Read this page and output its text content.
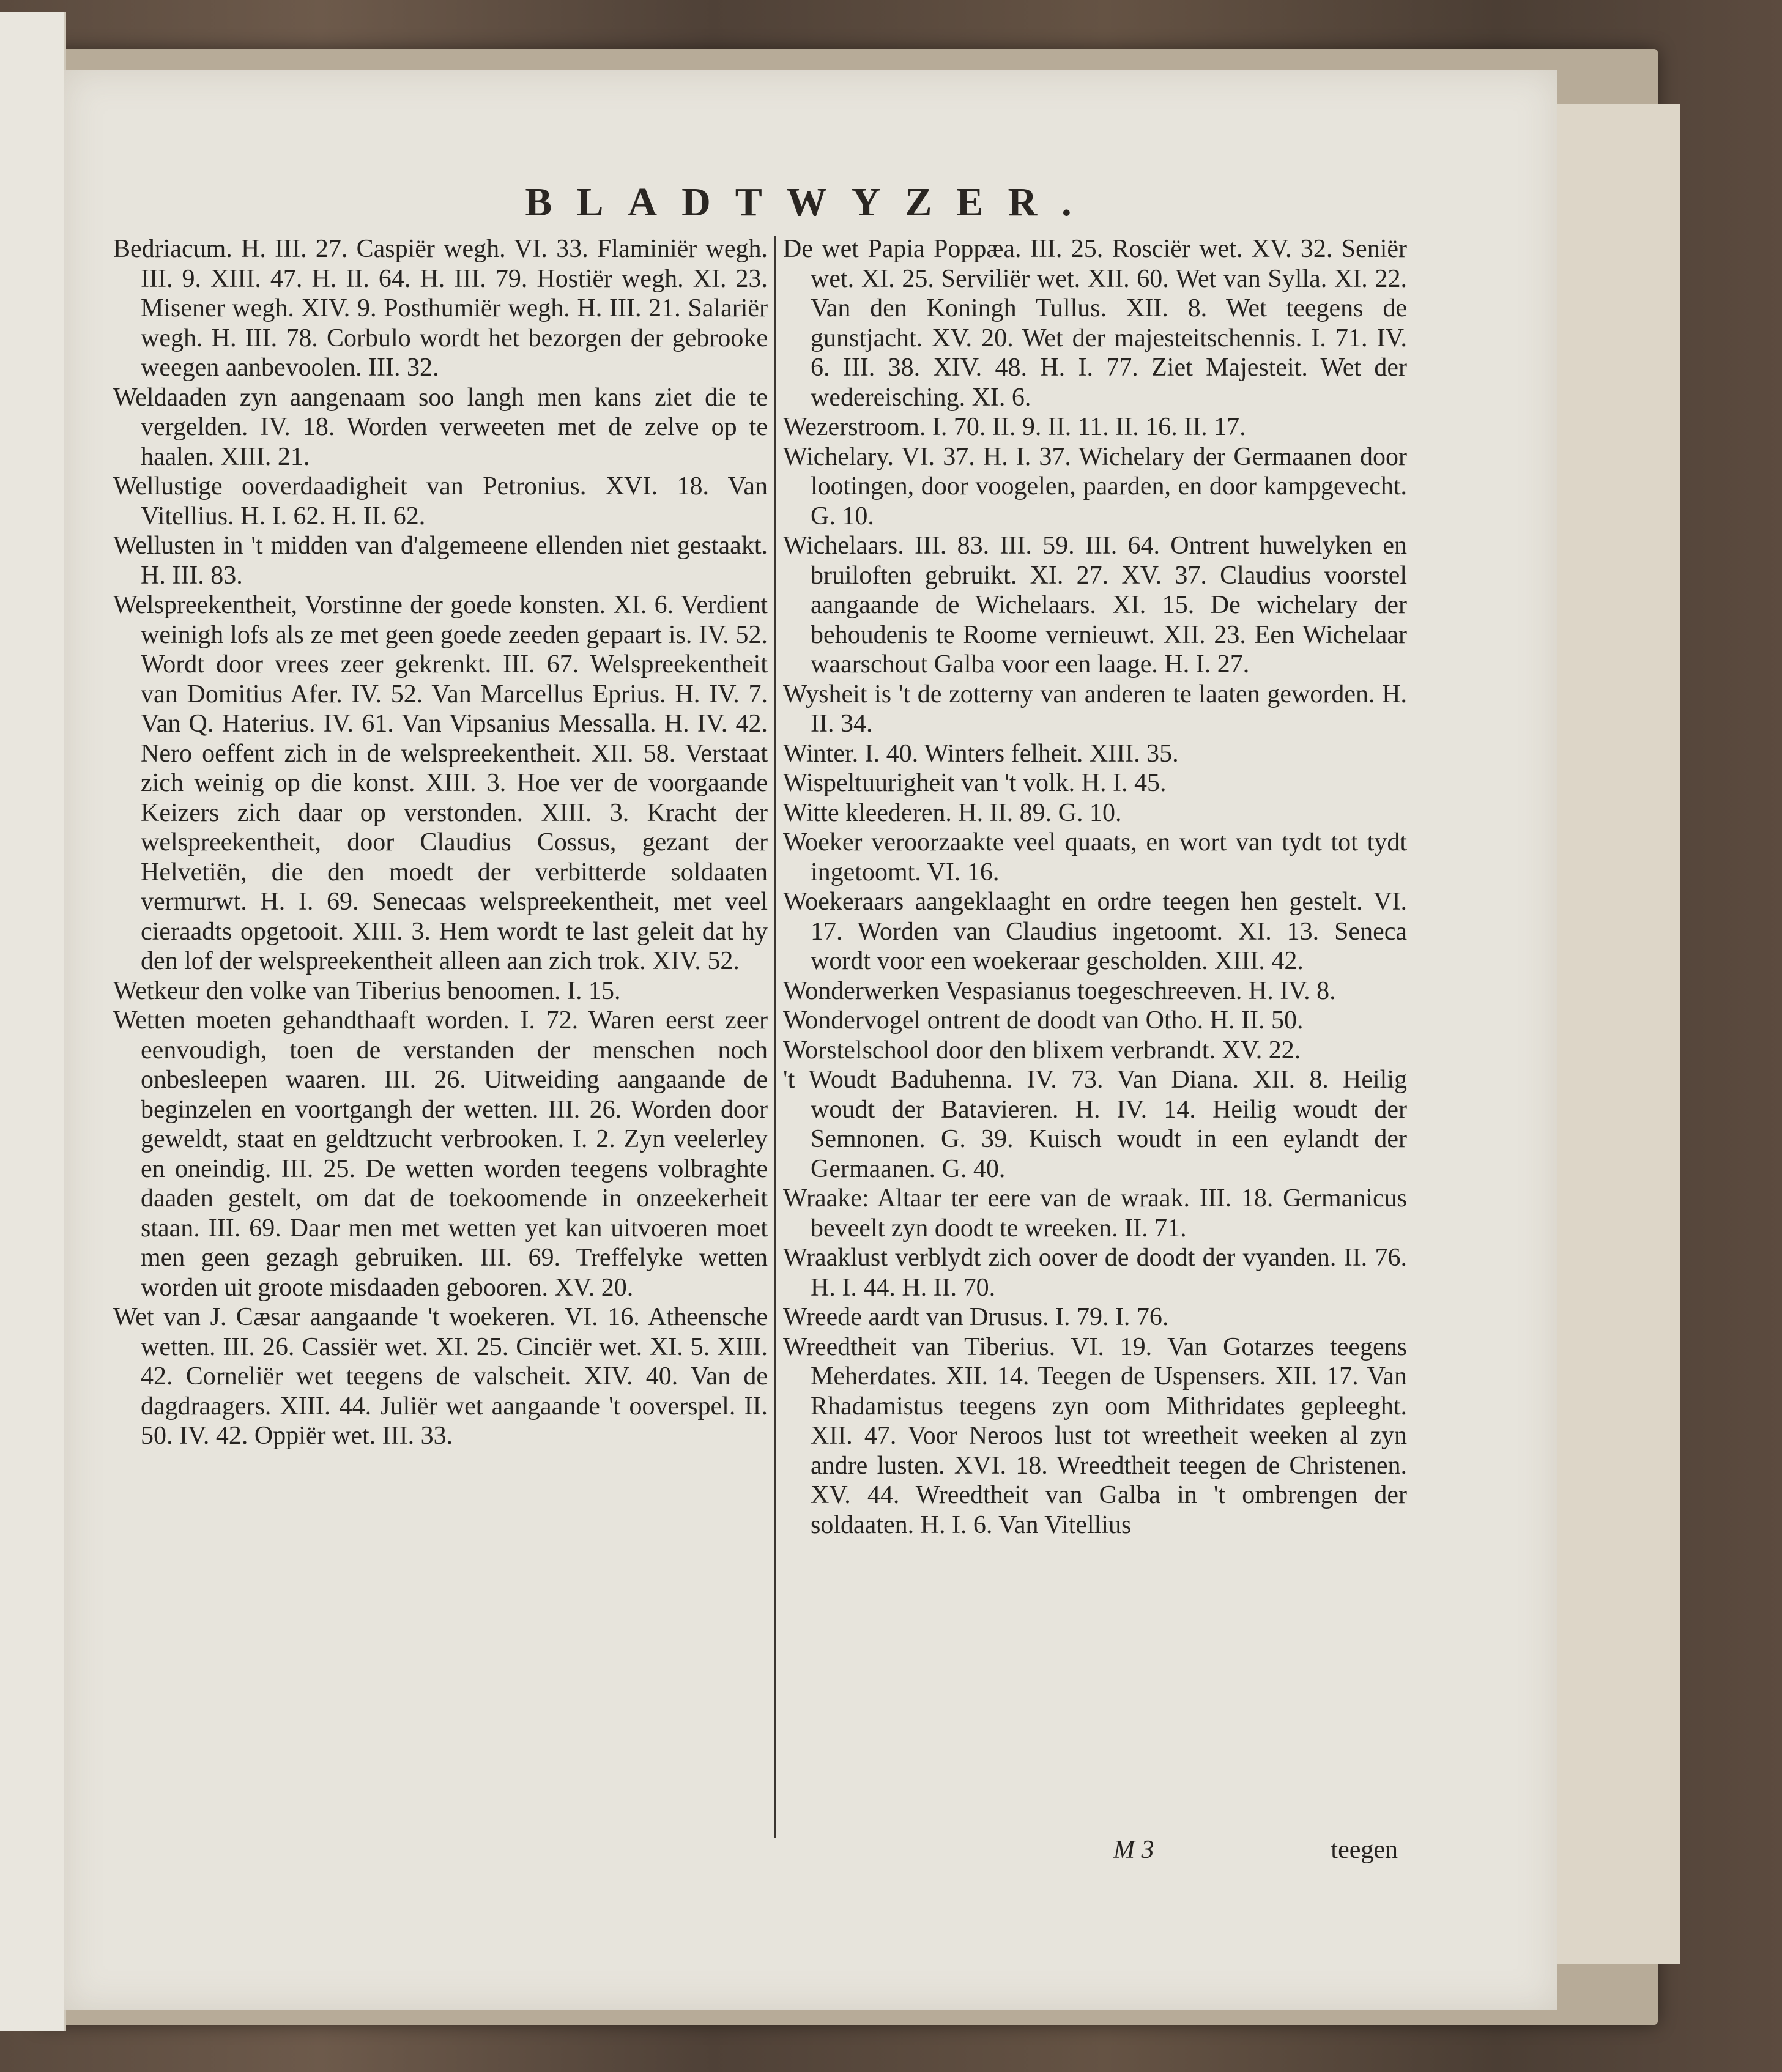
BLADTWYZER.

Bedriacum. H. III. 27. Caspiër wegh. VI. 33. Flaminiër wegh. III. 9. XIII. 47. H. II. 64. H. III. 79. Hostiër wegh. XI. 23. Misener wegh. XIV. 9. Posthumiër wegh. H. III. 21. Salariër wegh. H. III. 78. Corbulo wordt het bezorgen der gebrooke weegen aanbevoolen. III. 32.

Weldaaden zyn aangenaam soo langh men kans ziet die te vergelden. IV. 18. Worden verweeten met de zelve op te haalen. XIII. 21.

Wellustige ooverdaadigheit van Petronius. XVI. 18. Van Vitellius. H. I. 62. H. II. 62.

Wellusten in 't midden van d'algemeene ellenden niet gestaakt. H. III. 83.

Welspreekentheit, Vorstinne der goede konsten. XI. 6. Verdient weinigh lofs als ze met geen goede zeeden gepaart is. IV. 52. Wordt door vrees zeer gekrenkt. III. 67. Welspreekentheit van Domitius Afer. IV. 52. Van Marcellus Eprius. H. IV. 7. Van Q. Haterius. IV. 61. Van Vipsanius Messalla. H. IV. 42. Nero oeffent zich in de welspreekentheit. XII. 58. Verstaat zich weinig op die konst. XIII. 3. Hoe ver de voorgaande Keizers zich daar op verstonden. XIII. 3. Kracht der welspreekentheit, door Claudius Cossus, gezant der Helvetiën, die den moedt der verbitterde soldaaten vermurwt. H. I. 69. Senecaas welspreekentheit, met veel cieraadts opgetooit. XIII. 3. Hem wordt te last geleit dat hy den lof der welspreekentheit alleen aan zich trok. XIV. 52.

Wetkeur den volke van Tiberius benoomen. I. 15.

Wetten moeten gehandthaaft worden. I. 72. Waren eerst zeer eenvoudigh, toen de verstanden der menschen noch onbesleepen waaren. III. 26. Uitweiding aangaande de beginzelen en voortgangh der wetten. III. 26. Worden door geweldt, staat en geldtzucht verbrooken. I. 2. Zyn veelerley en oneindig. III. 25. De wetten worden teegens volbraghte daaden gestelt, om dat de toekoomende in onzeekerheit staan. III. 69. Daar men met wetten yet kan uitvoeren moet men geen gezagh gebruiken. III. 69. Treffelyke wetten worden uit groote misdaaden gebooren. XV. 20.

Wet van J. Cæsar aangaande 't woekeren. VI. 16. Atheensche wetten. III. 26. Cassiër wet. XI. 25. Cinciër wet. XI. 5. XIII. 42. Corneliër wet teegens de valscheit. XIV. 40. Van de dagdraagers. XIII. 44. Juliër wet aangaande 't ooverspel. II. 50. IV. 42. Oppiër wet. III. 33.

De wet Papia Poppæa. III. 25. Rosciër wet. XV. 32. Seniër wet. XI. 25. Serviliër wet. XII. 60. Wet van Sylla. XI. 22. Van den Koningh Tullus. XII. 8. Wet teegens de gunstjacht. XV. 20. Wet der majesteitschennis. I. 71. IV. 6. III. 38. XIV. 48. H. I. 77. Ziet Majesteit. Wet der wedereisching. XI. 6.

Wezerstroom. I. 70. II. 9. II. 11. II. 16. II. 17.

Wichelary. VI. 37. H. I. 37. Wichelary der Germaanen door lootingen, door voogelen, paarden, en door kampgevecht. G. 10.

Wichelaars. III. 83. III. 59. III. 64. Ontrent huwelyken en bruiloften gebruikt. XI. 27. XV. 37. Claudius voorstel aangaande de Wichelaars. XI. 15. De wichelary der behoudenis te Roome vernieuwt. XII. 23. Een Wichelaar waarschout Galba voor een laage. H. I. 27.

Wysheit is 't de zotterny van anderen te laaten geworden. H. II. 34.

Winter. I. 40. Winters felheit. XIII. 35.

Wispeltuurigheit van 't volk. H. I. 45.

Witte kleederen. H. II. 89. G. 10.

Woeker veroorzaakte veel quaats, en wort van tydt tot tydt ingetoomt. VI. 16.

Woekeraars aangeklaaght en ordre teegen hen gestelt. VI. 17. Worden van Claudius ingetoomt. XI. 13. Seneca wordt voor een woekeraar gescholden. XIII. 42.

Wonderwerken Vespasianus toegeschreeven. H. IV. 8.

Wondervogel ontrent de doodt van Otho. H. II. 50.

Worstelschool door den blixem verbrandt. XV. 22.

't Woudt Baduhenna. IV. 73. Van Diana. XII. 8. Heilig woudt der Batavieren. H. IV. 14. Heilig woudt der Semnonen. G. 39. Kuisch woudt in een eylandt der Germaanen. G. 40.

Wraake: Altaar ter eere van de wraak. III. 18. Germanicus beveelt zyn doodt te wreeken. II. 71.

Wraaklust verblydt zich oover de doodt der vyanden. II. 76. H. I. 44. H. II. 70.

Wreede aardt van Drusus. I. 79. I. 76.

Wreedtheit van Tiberius. VI. 19. Van Gotarzes teegens Meherdates. XII. 14. Teegen de Uspensers. XII. 17. Van Rhadamistus teegens zyn oom Mithridates gepleeght. XII. 47. Voor Neroos lust tot wreetheit weeken al zyn andre lusten. XVI. 18. Wreedtheit teegen de Christenen. XV. 44. Wreedtheit van Galba in 't ombrengen der soldaaten. H. I. 6. Van Vitellius

M 3	teegen
